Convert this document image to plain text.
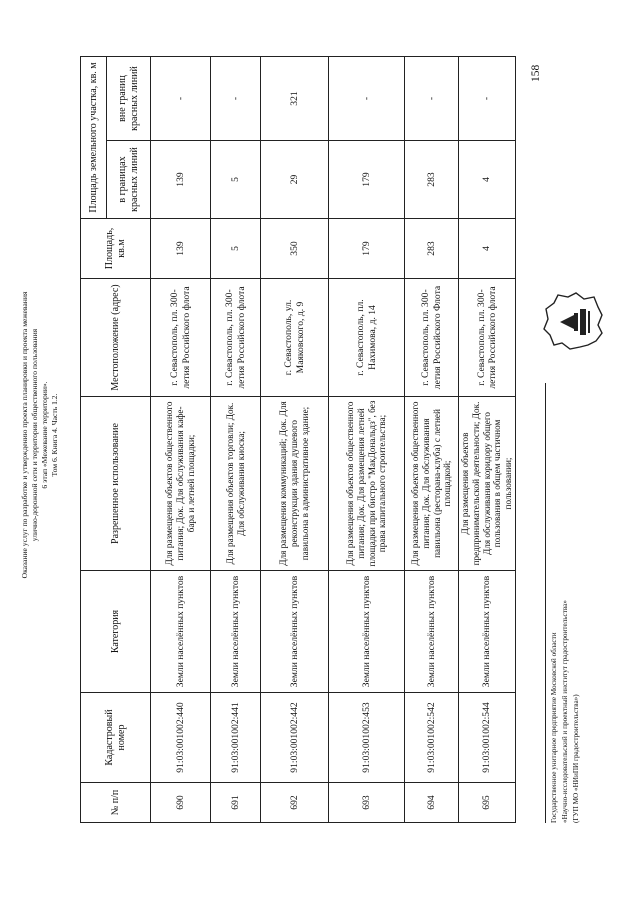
Оказание услуг по разработке и утверждению проекта планировки и проекта межевания улично-дорожной сети и территории общественного пользования 6 этап «Межевание территории». Том 6. Книга 4. Часть 1.2.
158
№ п/п	Кадастровый номер	Категория	Разрешенное использование	Местоположение (адрес)	Площадь, кв.м	Площадь земельного участка, кв. м	
						в границах красных линий	вне границ красных линий
690	91:03:001002:440	Земли населённых пунктов	Для размещения объектов общественного питания; Док. Для обслуживания кафе-бара и летней площадки;	г. Севастополь, пл. 300-летия Российского флота	139	139	-
691	91:03:001002:441	Земли населённых пунктов	Для размещения объектов торговли; Док. Для обслуживания киоска;	г. Севастополь, пл. 300-летия Российского флота	5	5	-
692	91:03:001002:442	Земли населённых пунктов	Для размещения коммуникаций; Док. Для реконструкции здания душевого павильона в административное здание;	г. Севастополь, ул. Маяковского, д. 9	350	29	321
693	91:03:001002:453	Земли населённых пунктов	Для размещения объектов общественного питания; Док. Для размещения летней площадки при бистро "МакДональдз", без права капитального строительства;	г. Севастополь, пл. Нахимова, д. 14	179	179	-
694	91:03:001002:542	Земли населённых пунктов	Для размещения объектов общественного питания; Док. Для обслуживания павильона (ресторана-клуба) с летней площадкой;	г. Севастополь, пл. 300-летия Российского Флота	283	283	-
695	91:03:001002:544	Земли населённых пунктов	Для размещения объектов предпринимательской деятельности; Док. Для обслуживания коридору общего пользования в общем частичном пользовании;	г. Севастополь, пл. 300-летия Российского флота	4	4	-
Государственное унитарное предприятие Московской области «Научно-исследовательский и проектный институт градостроительства» (ГУП МО «НИиПИ градостроительства»)
